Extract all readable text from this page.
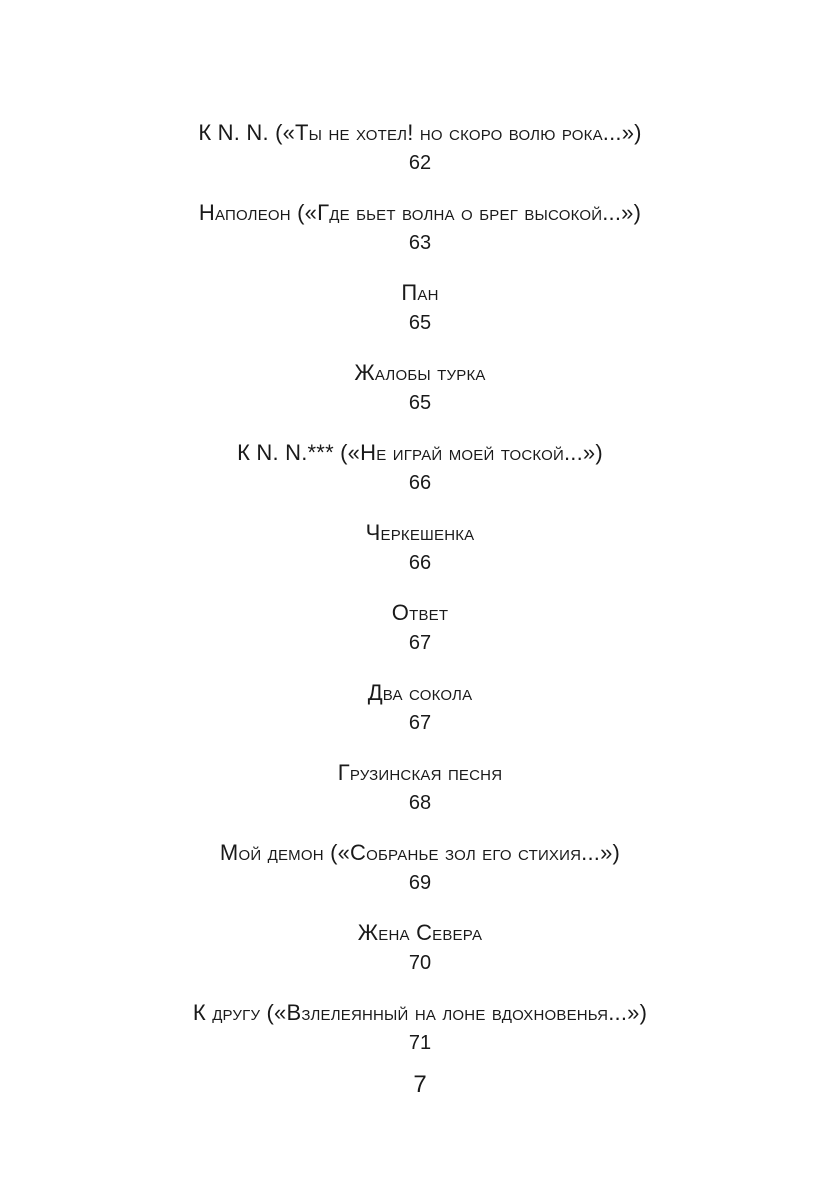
К N. N. («Ты не хотел! но скоро волю рока...»)
62
Наполеон («Где бьет волна о брег высокой...»)
63
Пан
65
Жалобы турка
65
К N. N.*** («Не играй моей тоской...»)
66
Черкешенка
66
Ответ
67
Два сокола
67
Грузинская песня
68
Мой демон («Собранье зол его стихия...»)
69
Жена Севера
70
К другу («Взлелеянный на лоне вдохновенья...»)
71
7
